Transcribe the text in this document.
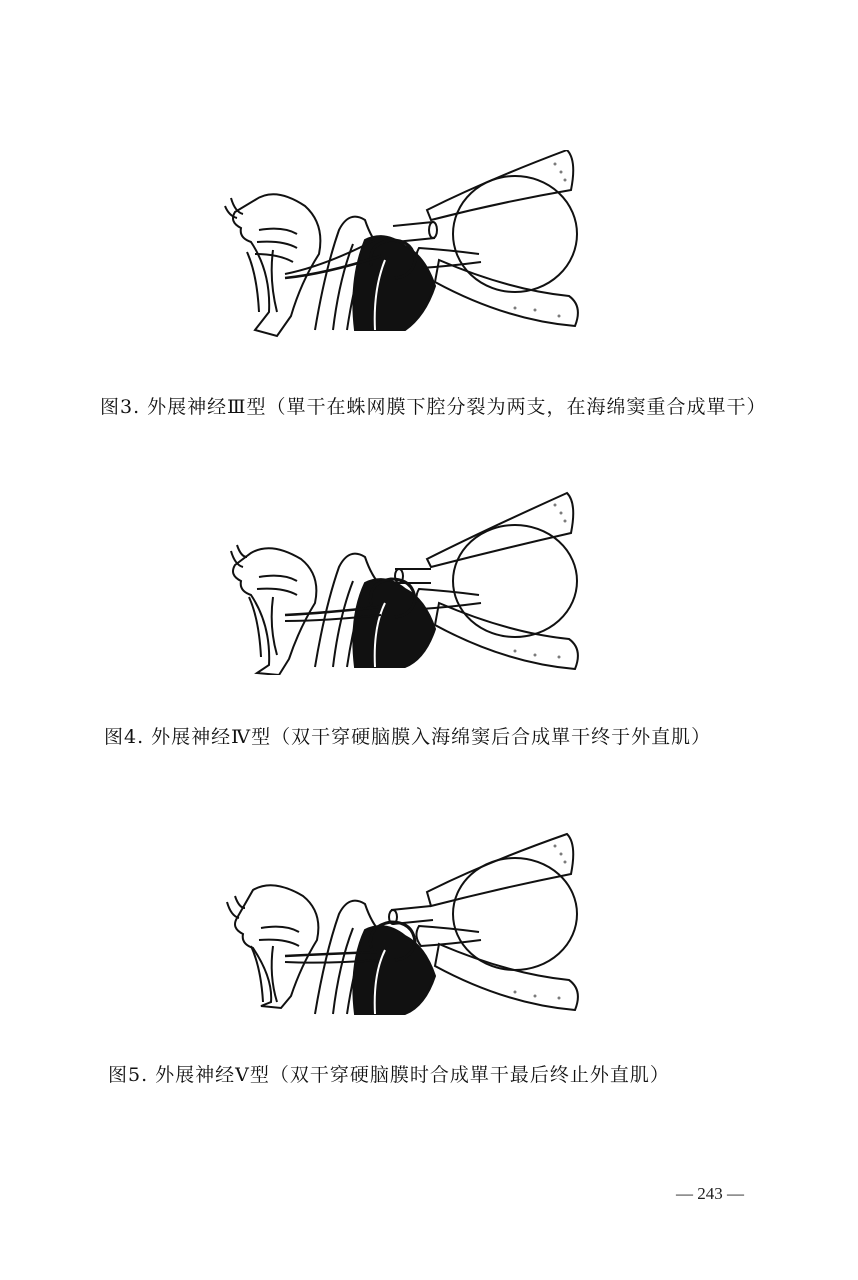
图3. 外展神经Ⅲ型（單干在蛛网膜下腔分裂为两支，在海绵窦重合成單干）
图4. 外展神经Ⅳ型（双干穿硬脑膜入海绵窦后合成單干终于外直肌）
图5. 外展神经Ⅴ型（双干穿硬脑膜时合成單干最后终止外直肌）
— 243 —
